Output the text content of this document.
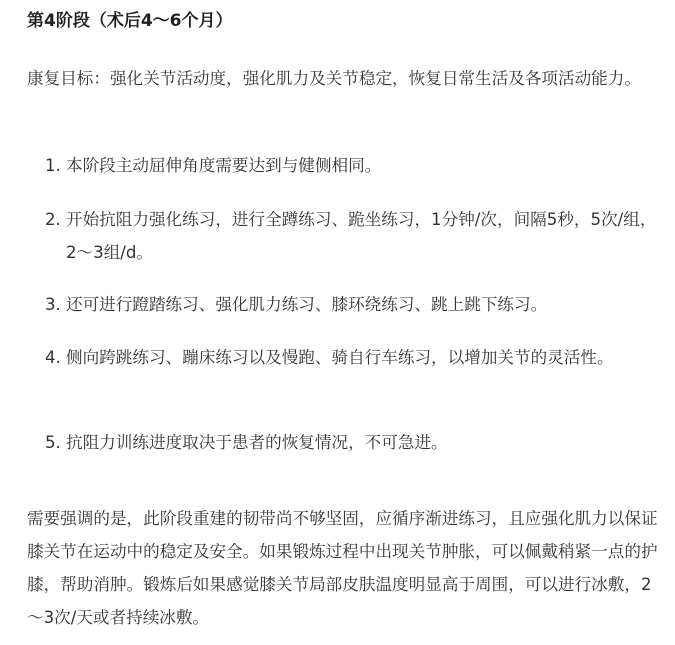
第4阶段（术后4～6个月）

康复目标：强化关节活动度，强化肌力及关节稳定，恢复日常生活及各项活动能力。

1. 本阶段主动屈伸角度需要达到与健侧相同。
2. 开始抗阻力强化练习，进行全蹲练习、跪坐练习，1分钟/次，间隔5秒，5次/组，2～3组/d。
3. 还可进行蹬踏练习、强化肌力练习、膝环绕练习、跳上跳下练习。
4. 侧向跨跳练习、蹦床练习以及慢跑、骑自行车练习，以增加关节的灵活性。
5. 抗阻力训练进度取决于患者的恢复情况，不可急进。

需要强调的是，此阶段重建的韧带尚不够坚固，应循序渐进练习，且应强化肌力以保证膝关节在运动中的稳定及安全。如果锻炼过程中出现关节肿胀，可以佩戴稍紧一点的护膝，帮助消肿。锻炼后如果感觉膝关节局部皮肤温度明显高于周围，可以进行冰敷，2～3次/天或者持续冰敷。
